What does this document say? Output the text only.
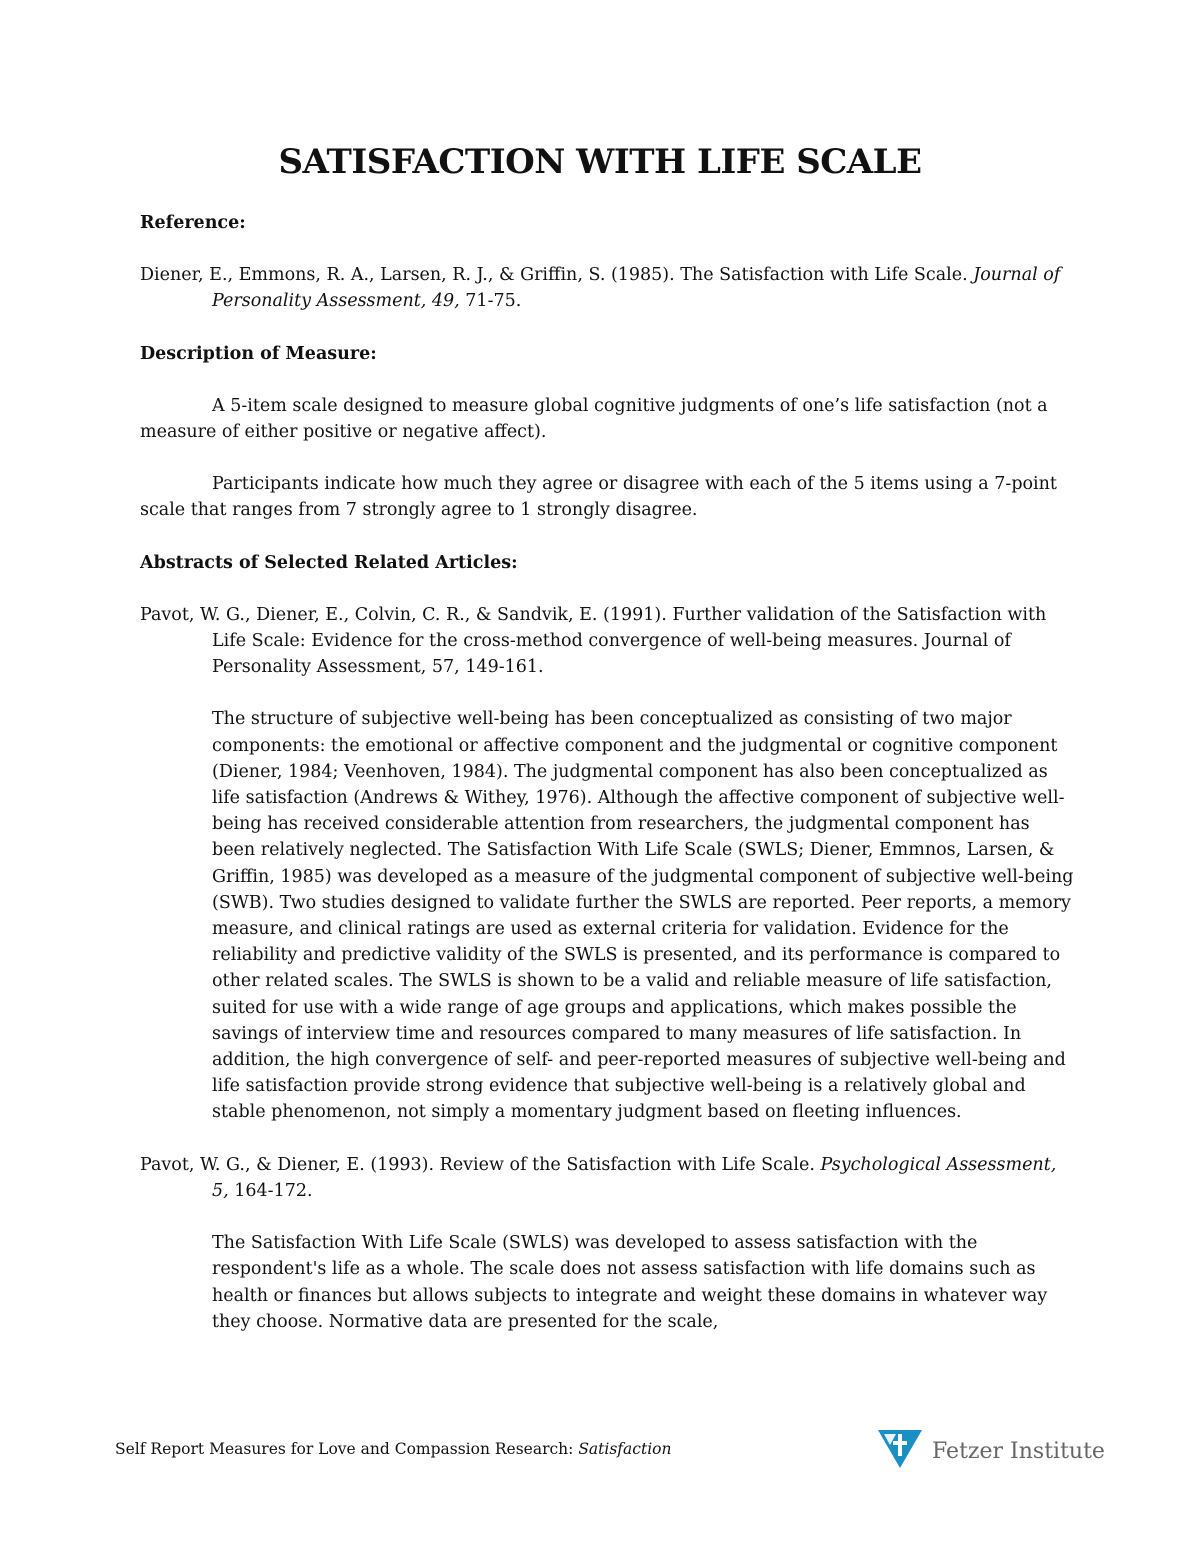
SATISFACTION WITH LIFE SCALE

Reference:

Diener, E., Emmons, R. A., Larsen, R. J., & Griffin, S. (1985). The Satisfaction with Life Scale. Journal of Personality Assessment, 49, 71-75.

Description of Measure:

A 5-item scale designed to measure global cognitive judgments of one’s life satisfaction (not a measure of either positive or negative affect).

Participants indicate how much they agree or disagree with each of the 5 items using a 7-point scale that ranges from 7 strongly agree to 1 strongly disagree.

Abstracts of Selected Related Articles:

Pavot, W. G., Diener, E., Colvin, C. R., & Sandvik, E. (1991). Further validation of the Satisfaction with Life Scale: Evidence for the cross-method convergence of well-being measures. Journal of Personality Assessment, 57, 149-161.

The structure of subjective well-being has been conceptualized as consisting of two major components: the emotional or affective component and the judgmental or cognitive component (Diener, 1984; Veenhoven, 1984). The judgmental component has also been conceptualized as life satisfaction (Andrews & Withey, 1976). Although the affective component of subjective well-being has received considerable attention from researchers, the judgmental component has been relatively neglected. The Satisfaction With Life Scale (SWLS; Diener, Emmnos, Larsen, & Griffin, 1985) was developed as a measure of the judgmental component of subjective well-being (SWB). Two studies designed to validate further the SWLS are reported. Peer reports, a memory measure, and clinical ratings are used as external criteria for validation. Evidence for the reliability and predictive validity of the SWLS is presented, and its performance is compared to other related scales. The SWLS is shown to be a valid and reliable measure of life satisfaction, suited for use with a wide range of age groups and applications, which makes possible the savings of interview time and resources compared to many measures of life satisfaction. In addition, the high convergence of self- and peer-reported measures of subjective well-being and life satisfaction provide strong evidence that subjective well-being is a relatively global and stable phenomenon, not simply a momentary judgment based on fleeting influences.

Pavot, W. G., & Diener, E. (1993). Review of the Satisfaction with Life Scale. Psychological Assessment, 5, 164-172.

The Satisfaction With Life Scale (SWLS) was developed to assess satisfaction with the respondent's life as a whole. The scale does not assess satisfaction with life domains such as health or finances but allows subjects to integrate and weight these domains in whatever way they choose. Normative data are presented for the scale,

Self Report Measures for Love and Compassion Research: Satisfaction	Fetzer Institute
